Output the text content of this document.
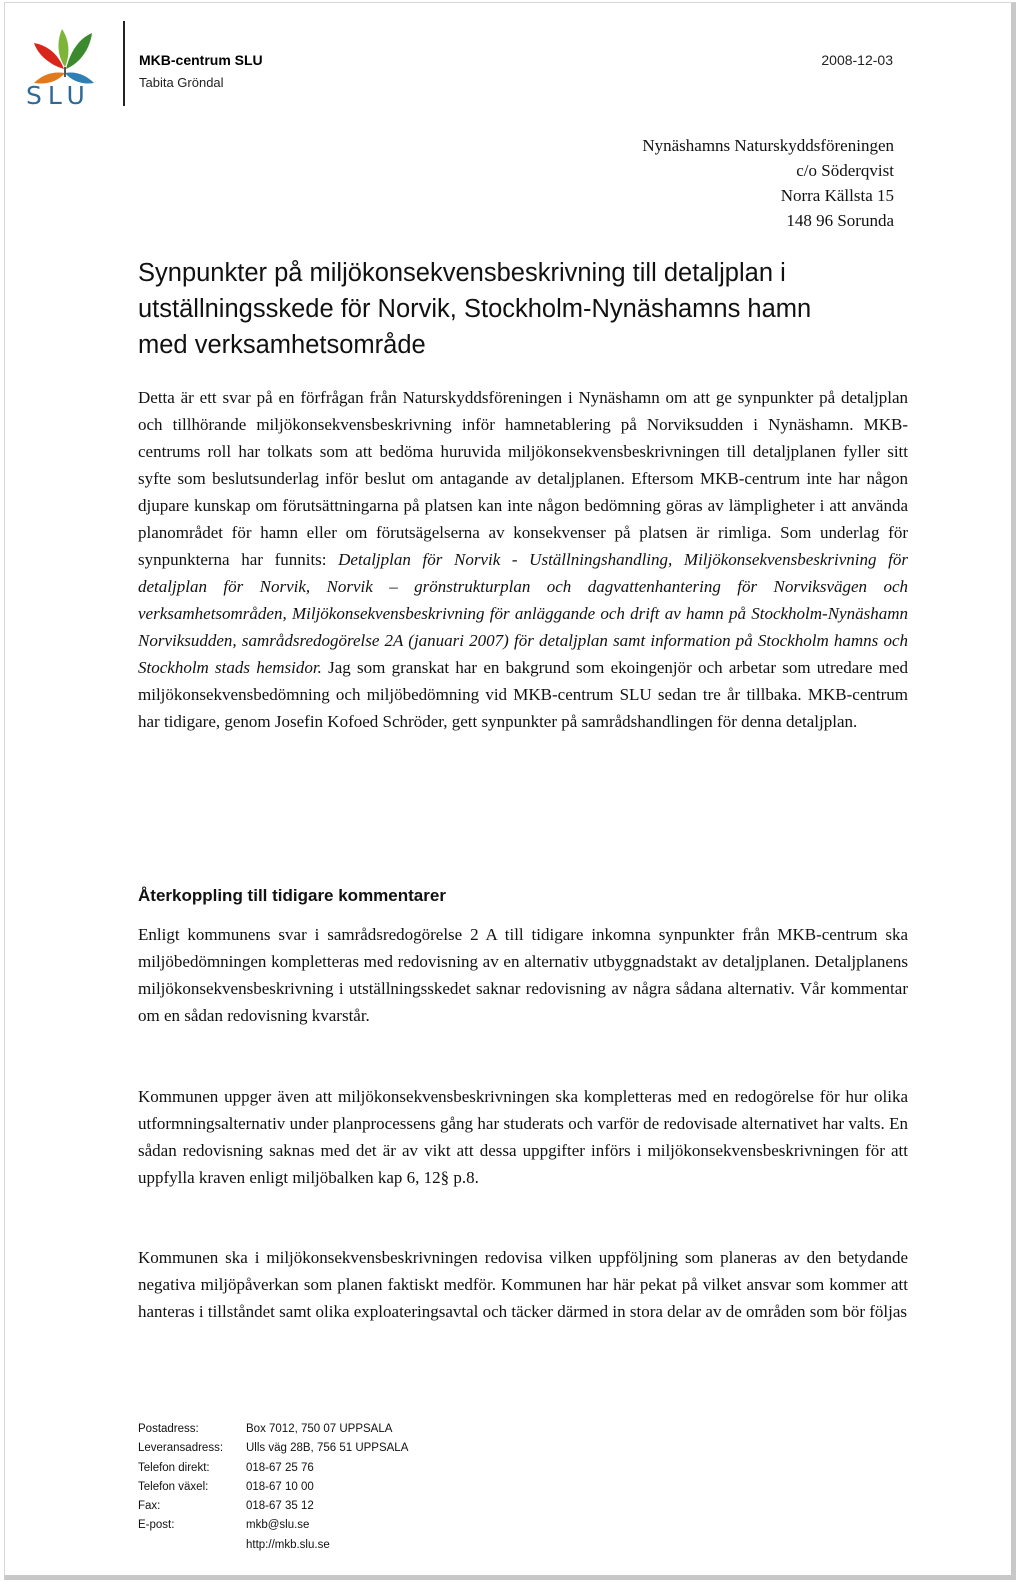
SLU
MKB-centrum SLU
Tabita Gröndal
2008-12-03
Nynäshamns Naturskyddsföreningen
c/o Söderqvist
Norra Källsta 15
148 96 Sorunda
Synpunkter på miljökonsekvensbeskrivning till detaljplan i utställningsskede för Norvik, Stockholm-Nynäshamns hamn med verksamhetsområde

Detta är ett svar på en förfrågan från Naturskyddsföreningen i Nynäshamn om att ge synpunkter på detaljplan och tillhörande miljökonsekvensbeskrivning inför hamnetablering på Norviksudden i Nynäshamn. MKB-centrums roll har tolkats som att bedöma huruvida miljökonsekvensbeskrivningen till detaljplanen fyller sitt syfte som beslutsunderlag inför beslut om antagande av detaljplanen. Eftersom MKB-centrum inte har någon djupare kunskap om förutsättningarna på platsen kan inte någon bedömning göras av lämpligheter i att använda planområdet för hamn eller om förutsägelserna av konsekvenser på platsen är rimliga. Som underlag för synpunkterna har funnits: Detaljplan för Norvik - Uställningshandling, Miljökonsekvensbeskrivning för detaljplan för Norvik, Norvik – grönstrukturplan och dagvattenhantering för Norviksvägen och verksamhetsområden, Miljökonsekvensbeskrivning för anläggande och drift av hamn på Stockholm-Nynäshamn Norviksudden, samrådsredogörelse 2A (januari 2007) för detaljplan samt information på Stockholm hamns och Stockholm stads hemsidor. Jag som granskat har en bakgrund som ekoingenjör och arbetar som utredare med miljökonsekvensbedömning och miljöbedömning vid MKB-centrum SLU sedan tre år tillbaka. MKB-centrum har tidigare, genom Josefin Kofoed Schröder, gett synpunkter på samrådshandlingen för denna detaljplan.

Återkoppling till tidigare kommentarer

Enligt kommunens svar i samrådsredogörelse 2 A till tidigare inkomna synpunkter från MKB-centrum ska miljöbedömningen kompletteras med redovisning av en alternativ utbyggnadstakt av detaljplanen. Detaljplanens miljökonsekvensbeskrivning i utställningsskedet saknar redovisning av några sådana alternativ. Vår kommentar om en sådan redovisning kvarstår.

Kommunen uppger även att miljökonsekvensbeskrivningen ska kompletteras med en redogörelse för hur olika utformningsalternativ under planprocessens gång har studerats och varför de redovisade alternativet har valts. En sådan redovisning saknas med det är av vikt att dessa uppgifter införs i miljökonsekvensbeskrivningen för att uppfylla kraven enligt miljöbalken kap 6, 12§ p.8.

Kommunen ska i miljökonsekvensbeskrivningen redovisa vilken uppföljning som planeras av den betydande negativa miljöpåverkan som planen faktiskt medför. Kommunen har här pekat på vilket ansvar som kommer att hanteras i tillståndet samt olika exploateringsavtal och täcker därmed in stora delar av de områden som bör följas

Postadress:	Box 7012, 750 07 UPPSALA
Leveransadress:	Ulls väg 28B, 756 51 UPPSALA
Telefon direkt:	018-67 25 76
Telefon växel:	018-67 10 00
Fax:	018-67 35 12
E-post:	mkb@slu.se
http://mkb.slu.se
